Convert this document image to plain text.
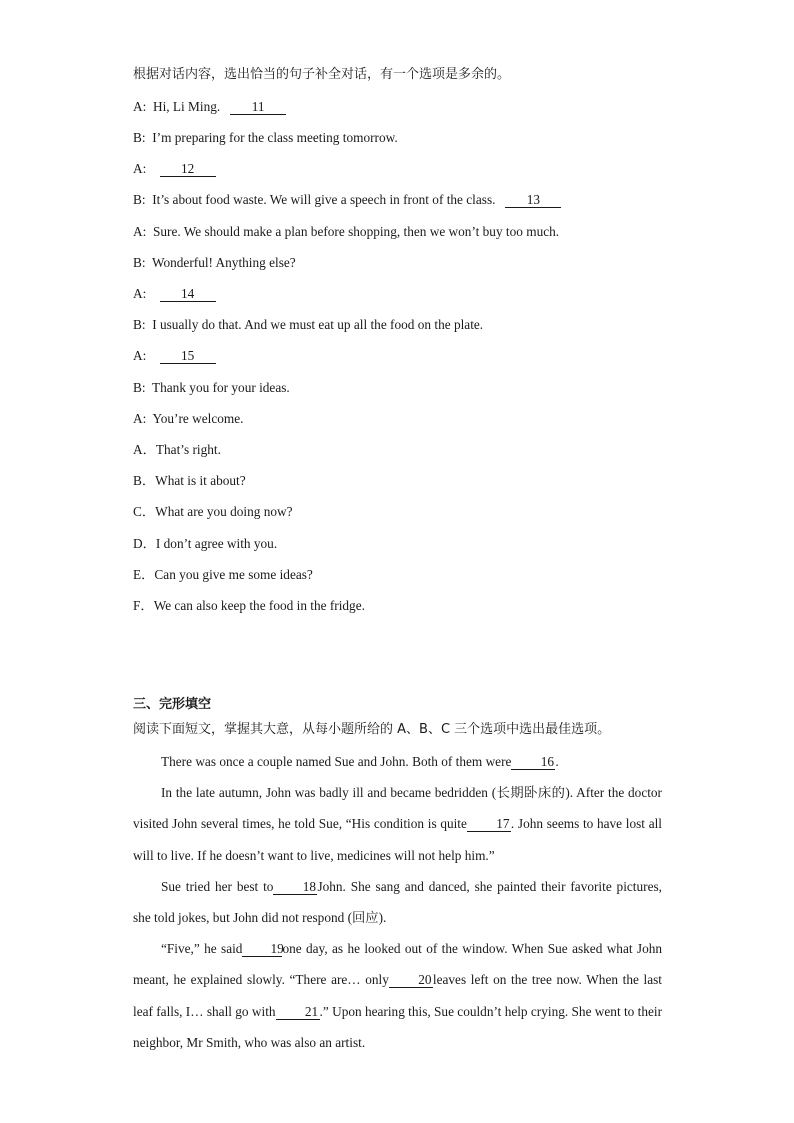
根据对话内容，选出恰当的句子补全对话，有一个选项是多余的。
A: Hi, Li Ming. 11
B: I’m preparing for the class meeting tomorrow.
A:	12
B: It’s about food waste. We will give a speech in front of the class. 13
A: Sure. We should make a plan before shopping, then we won’t buy too much.
B: Wonderful! Anything else?
A:	14
B: I usually do that. And we must eat up all the food on the plate.
A:	15
B: Thank you for your ideas.
A: You’re welcome.
A．That’s right.
B．What is it about?
C．What are you doing now?
D．I don’t agree with you.
E．Can you give me some ideas?
F．We can also keep the food in the fridge.
三、完形填空
阅读下面短文，掌握其大意，从每小题所给的 A、B、C 三个选项中选出最佳选项。
There was once a couple named Sue and John. Both of them were 16.
In the late autumn, John was badly ill and became bedridden (长期卧床的). After the doctor visited John several times, he told Sue, “His condition is quite 17. John seems to have lost all will to live. If he doesn’t want to live, medicines will not help him.”
Sue tried her best to 18John. She sang and danced, she painted their favorite pictures, she told jokes, but John did not respond (回应).
“Five,” he said 19one day, as he looked out of the window. When Sue asked what John meant, he explained slowly. “There are… only 20leaves left on the tree now. When the last leaf falls, I… shall go with 21.” Upon hearing this, Sue couldn’t help crying. She went to their neighbor, Mr Smith, who was also an artist.
